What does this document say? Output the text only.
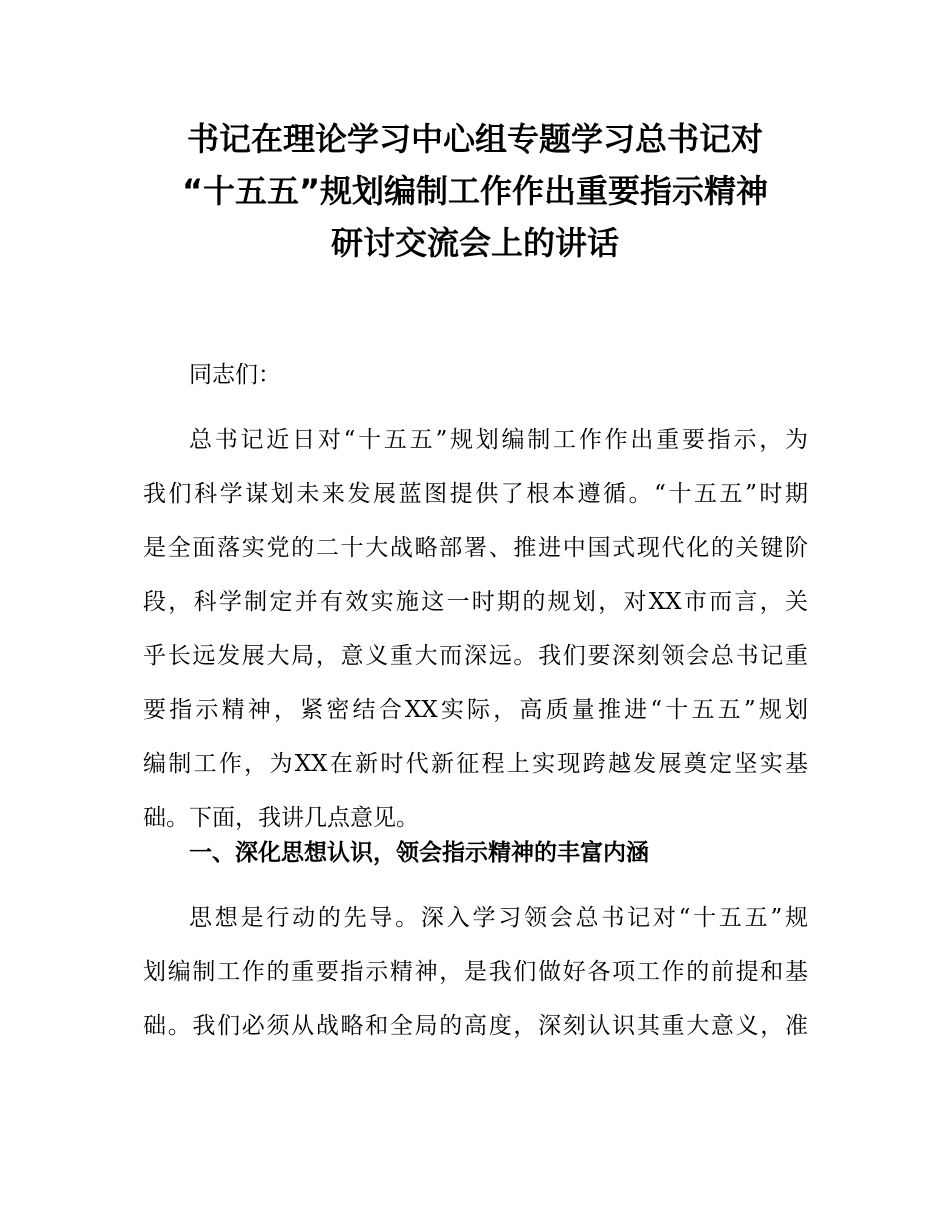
书记在理论学习中心组专题学习总书记对
“十五五”规划编制工作作出重要指示精神
研讨交流会上的讲话

同志们：

总书记近日对“十五五”规划编制工作作出重要指示，为
我们科学谋划未来发展蓝图提供了根本遵循。“十五五”时期
是全面落实党的二十大战略部署、推进中国式现代化的关键阶
段，科学制定并有效实施这一时期的规划，对XX市而言，关
乎长远发展大局，意义重大而深远。我们要深刻领会总书记重
要指示精神，紧密结合XX实际，高质量推进“十五五”规划
编制工作，为XX在新时代新征程上实现跨越发展奠定坚实基
础。下面，我讲几点意见。

一、深化思想认识，领会指示精神的丰富内涵

思想是行动的先导。深入学习领会总书记对“十五五”规
划编制工作的重要指示精神，是我们做好各项工作的前提和基
础。我们必须从战略和全局的高度，深刻认识其重大意义，准
